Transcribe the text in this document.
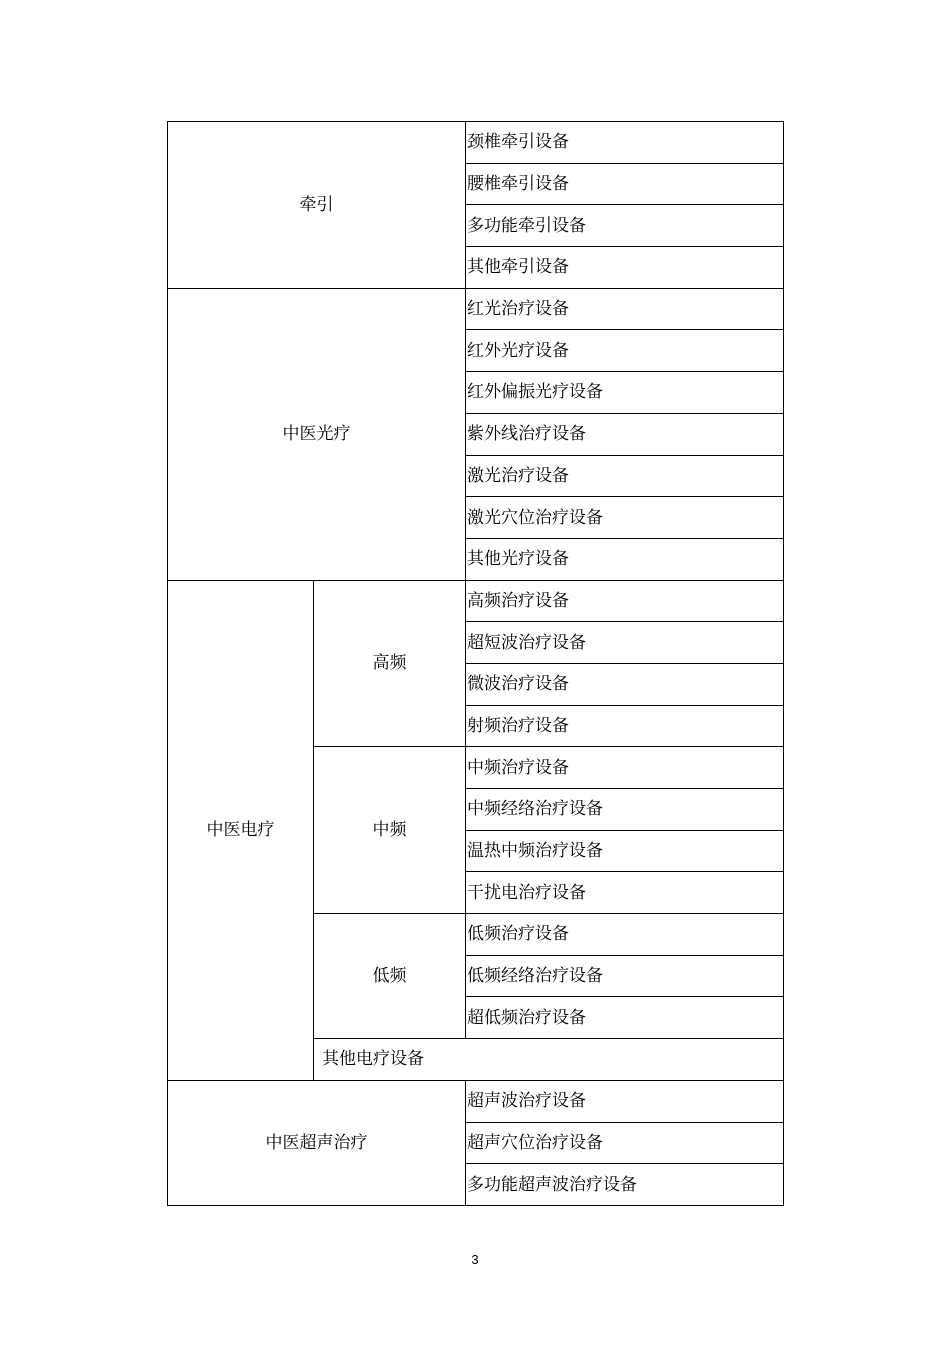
牵引		颈椎牵引设备
		腰椎牵引设备
		多功能牵引设备
		其他牵引设备
中医光疗		红光治疗设备
		红外光疗设备
		红外偏振光疗设备
		紫外线治疗设备
		激光治疗设备
		激光穴位治疗设备
		其他光疗设备
中医电疗	高频	高频治疗设备
		超短波治疗设备
		微波治疗设备
		射频治疗设备
	中频	中频治疗设备
		中频经络治疗设备
		温热中频治疗设备
		干扰电治疗设备
	低频	低频治疗设备
		低频经络治疗设备
		超低频治疗设备
	其他电疗设备	
中医超声治疗		超声波治疗设备
		超声穴位治疗设备
		多功能超声波治疗设备
3
